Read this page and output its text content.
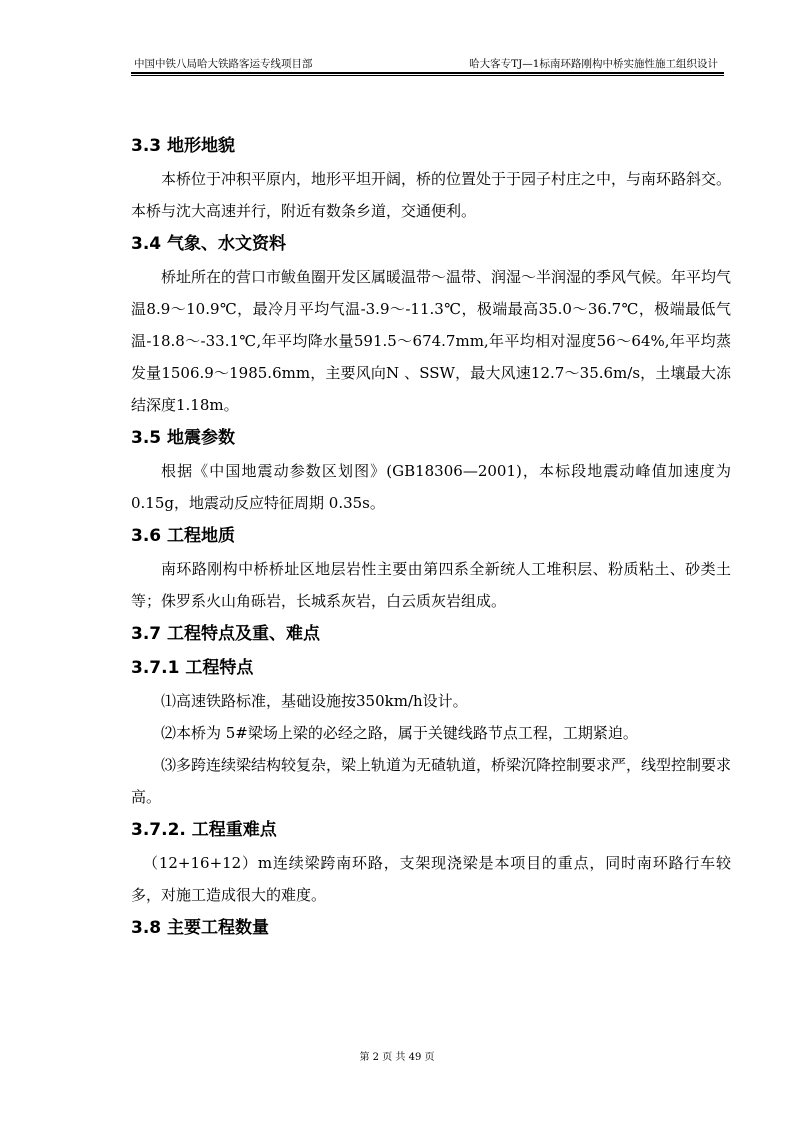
中国中铁八局哈大铁路客运专线项目部	哈大客专TJ—1标南环路刚构中桥实施性施工组织设计
3.3 地形地貌
本桥位于冲积平原内，地形平坦开阔，桥的位置处于于园子村庄之中，与南环路斜交。本桥与沈大高速并行，附近有数条乡道，交通便利。
3.4 气象、水文资料
桥址所在的营口市鲅鱼圈开发区属暖温带～温带、润湿～半润湿的季风气候。年平均气温8.9～10.9℃，最冷月平均气温-3.9～-11.3℃，极端最高35.0～36.7℃，极端最低气温-18.8～-33.1℃,年平均降水量591.5～674.7mm,年平均相对湿度56～64%,年平均蒸发量1506.9～1985.6mm，主要风向N 、SSW，最大风速12.7～35.6m/s，土壤最大冻结深度1.18m。
3.5 地震参数
根据《中国地震动参数区划图》(GB18306—2001)，本标段地震动峰值加速度为0.15g，地震动反应特征周期 0.35s。
3.6 工程地质
南环路刚构中桥桥址区地层岩性主要由第四系全新统人工堆积层、粉质粘土、砂类土等；侏罗系火山角砾岩，长城系灰岩，白云质灰岩组成。
3.7 工程特点及重、难点
3.7.1 工程特点
⑴高速铁路标准，基础设施按350km/h设计。
⑵本桥为 5#梁场上梁的必经之路，属于关键线路节点工程，工期紧迫。
⑶多跨连续梁结构较复杂，梁上轨道为无碴轨道，桥梁沉降控制要求严，线型控制要求高。
3.7.2. 工程重难点
（12+16+12）m连续梁跨南环路，支架现浇梁是本项目的重点，同时南环路行车较多，对施工造成很大的难度。
3.8 主要工程数量
第 2 页 共 49 页
